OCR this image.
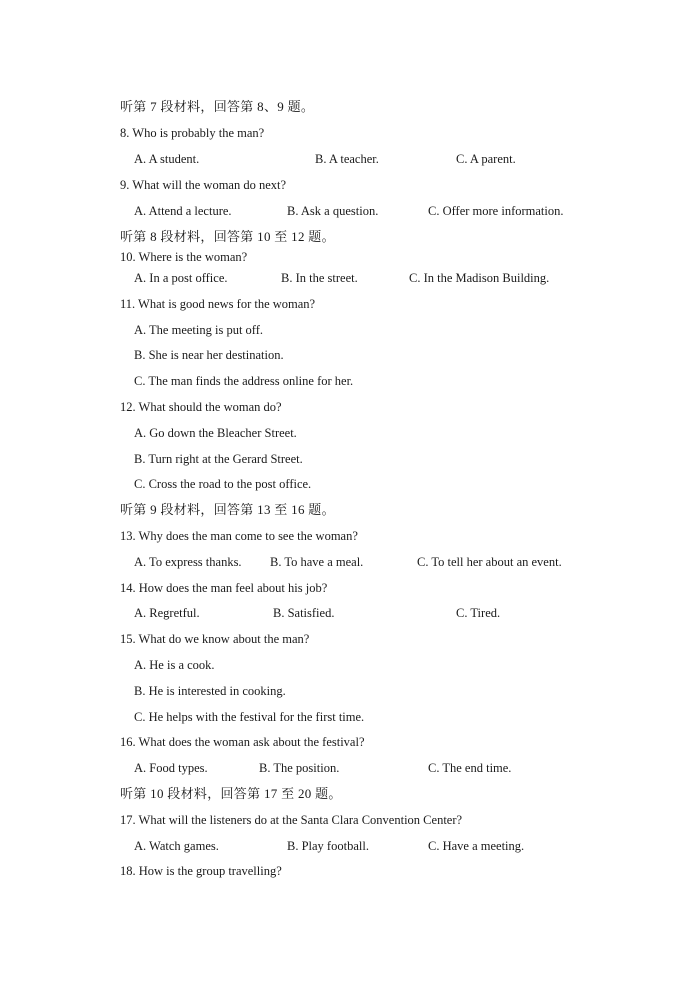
听第 7 段材料，回答第 8、9 题。
8. Who is probably the man?
A. A student.	B. A teacher.	C. A parent.
9. What will the woman do next?
A. Attend a lecture.	B. Ask a question.	C. Offer more information.
听第 8 段材料，回答第 10 至 12 题。
10. Where is the woman?
A. In a post office.	B. In the street.	C. In the Madison Building.
11. What is good news for the woman?
A. The meeting is put off.
B. She is near her destination.
C. The man finds the address online for her.
12. What should the woman do?
A. Go down the Bleacher Street.
B. Turn right at the Gerard Street.
C. Cross the road to the post office.
听第 9 段材料，回答第 13 至 16 题。
13. Why does the man come to see the woman?
A. To express thanks. B. To have a meal.	C. To tell her about an event.
14. How does the man feel about his job?
A. Regretful.	B. Satisfied.	C. Tired.
15. What do we know about the man?
A. He is a cook.
B. He is interested in cooking.
C. He helps with the festival for the first time.
16. What does the woman ask about the festival?
A. Food types.	B. The position.	C. The end time.
听第 10 段材料，回答第 17 至 20 题。
17. What will the listeners do at the Santa Clara Convention Center?
A. Watch games.	B. Play football.	C. Have a meeting.
18. How is the group travelling?
